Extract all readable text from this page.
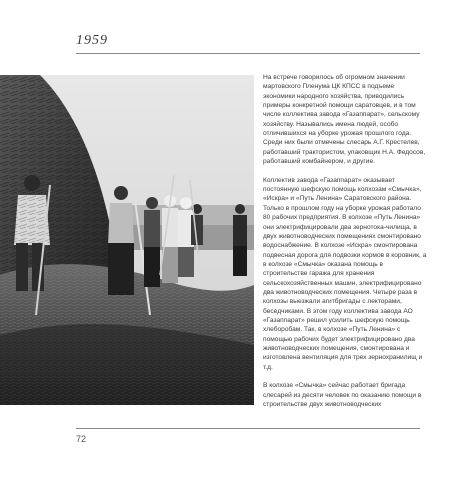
1959

На встрече говорилось об огромном значении мартовского Пленума ЦК КПСС в подъеме экономики народного хозяйства, приводились примеры конкретной помощи саратовцев, и в том числе коллектива завода «Газаппарат», сельскому хозяйству. Назывались имена людей, особо отличившихся на уборке урожая прошлого года. Среди них были отмечены слесарь А.Г. Крестелев, работавший трактористом, упаковщик Н.А. Федосов, работавший комбайнером, и другие.

Коллектив завода «Газаппарат» оказывает постоянную шефскую помощь колхозам «Смычка», «Искра» и «Путь Ленина» Саратовского района. Только в прошлом году на уборке урожая работало 80 рабочих предприятия. В колхозе «Путь Ленина» они электрифицировали два зернотока-чилища, в двух животноводческих помещениях смонтировано водоснабжение. В колхозе «Искра» смонтирована подвесная дорога для подвозки кормов в коровник, а в колхозе «Смычка» оказана помощь в строительстве гаража для хранения сельскохозяйственных машин, электрифицировано два животноводческих помещения. Четыре раза в колхозы выезжали агитбригады с лекторами, беседчиками. В этом году коллектива завода АО «Газаппарат» решил усилить шефскую помощь хлеборобам. Так, в колхозе «Путь Ленина» с помощью рабочих будет электрифицировано два животноводческих помещения, смонтирована и изготовлена вентиляция для трех зернохранилищ и т.д.

В колхозе «Смычка» сейчас работает бригада слесарей из десяти человек по оказанию помощи в строительстве двух животноводческих

72
